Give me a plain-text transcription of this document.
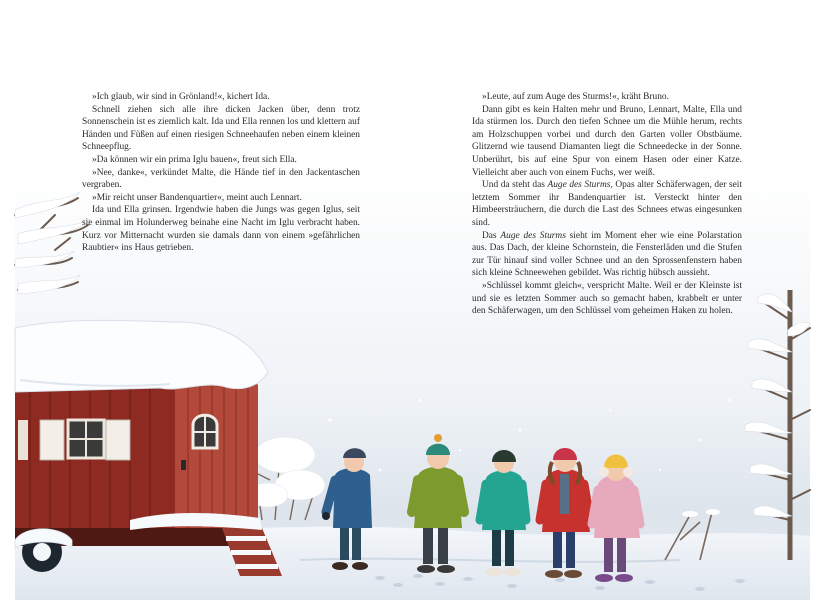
»Ich glaub, wir sind in Grönland!«, kichert Ida.

Schnell ziehen sich alle ihre dicken Jacken über, denn trotz Sonnenschein ist es ziemlich kalt. Ida und Ella rennen los und klettern auf Händen und Füßen auf einen riesigen Schneehaufen neben einem kleinen Schneepflug.

»Da können wir ein prima Iglu bauen«, freut sich Ella.

»Nee, danke«, verkündet Malte, die Hände tief in den Jackentaschen vergraben.

»Mir reicht unser Bandenquartier«, meint auch Lennart.

Ida und Ella grinsen. Irgendwie haben die Jungs was gegen Iglus, seit sie einmal im Holunderweg beinahe eine Nacht im Iglu verbracht haben. Kurz vor Mitternacht wurden sie damals dann von einem »gefährlichen Raubtier« ins Haus getrieben.

»Leute, auf zum Auge des Sturms!«, kräht Bruno.

Dann gibt es kein Halten mehr und Bruno, Lennart, Malte, Ella und Ida stürmen los. Durch den tiefen Schnee um die Mühle herum, rechts am Holzschuppen vorbei und durch den Garten voller Obstbäume. Glitzernd wie tausend Diamanten liegt die Schneedecke in der Sonne. Unberührt, bis auf eine Spur von einem Hasen oder einer Katze. Vielleicht aber auch von einem Fuchs, wer weiß.

Und da steht das Auge des Sturms, Opas alter Schäferwagen, der seit letztem Sommer ihr Bandenquartier ist. Versteckt hinter den Himbeersträuchern, die durch die Last des Schnees etwas eingesunken sind.

Das Auge des Sturms sieht im Moment eher wie eine Polarstation aus. Das Dach, der kleine Schornstein, die Fensterläden und die Stufen zur Tür hinauf sind voller Schnee und an den Sprossenfenstern haben sich kleine Schneewehen gebildet. Was richtig hübsch aussieht.

»Schlüssel kommt gleich«, verspricht Malte. Weil er der Kleinste ist und sie es letzten Sommer auch so gemacht haben, krabbelt er unter den Schäferwagen, um den Schlüssel vom geheimen Haken zu holen.
